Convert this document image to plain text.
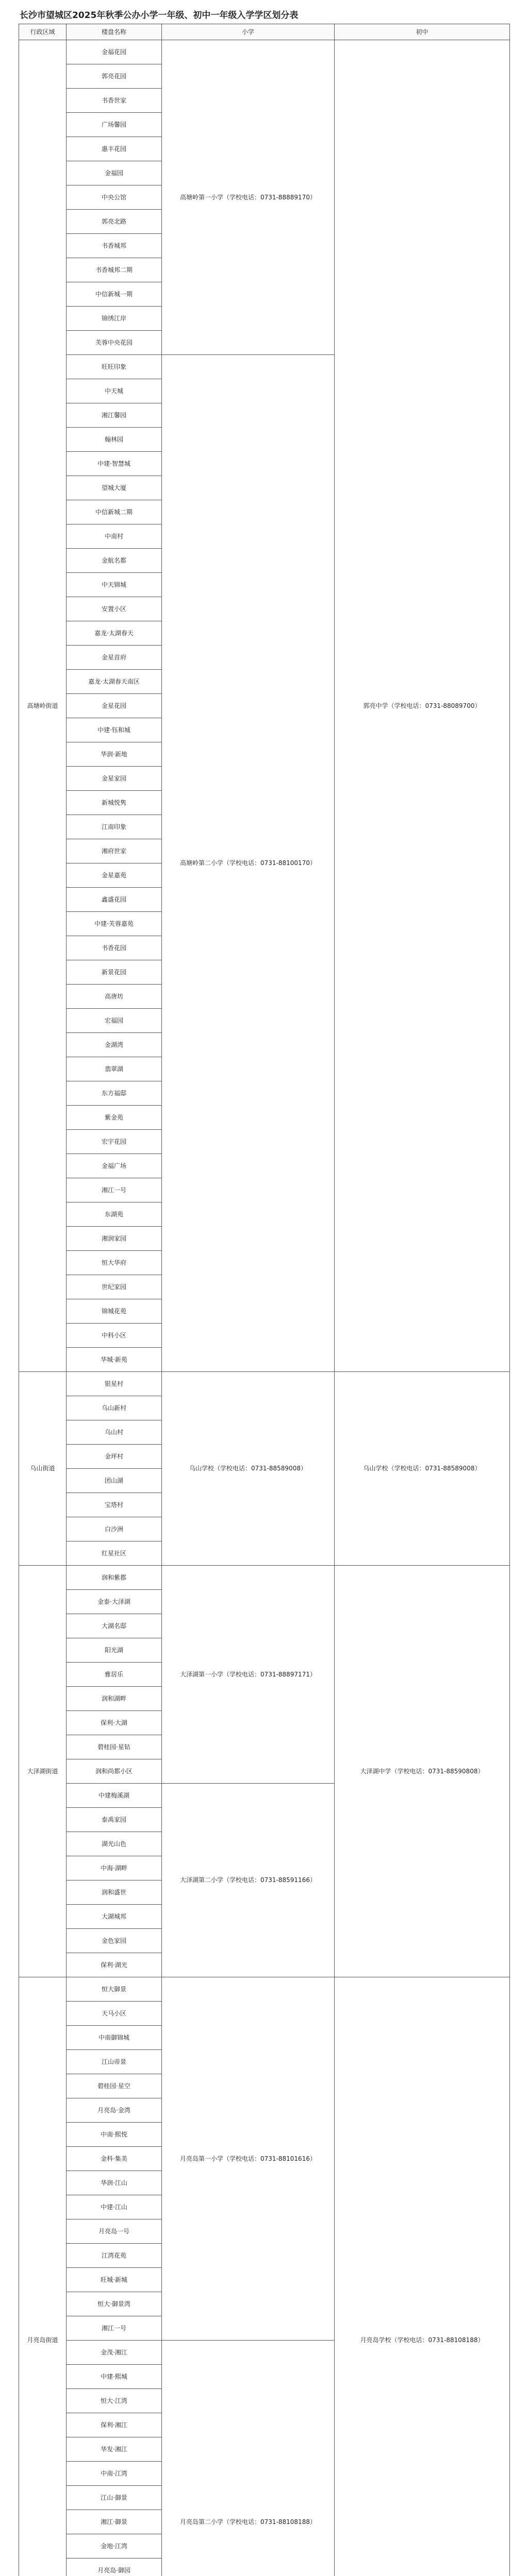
长沙市望城区2025年秋季公办小学一年级、初中一年级入学学区划分表
行政区域	楼盘名称	小学	初中
高塘岭街道	金福花园	高塘岭第一小学（学校电话：0731-88889170）	郭亮中学（学校电话：0731-88089700）
	郭亮花园		
	书香世家		
	广场馨园		
	惠丰花园		
	金福园		
	中央公馆		
	郭亮北路		
	书香城邦		
	书香城邦二期		
	中信新城一期		
	锦绣江岸		
	芙蓉中央花园		
	旺旺印象	高塘岭第二小学（学校电话：0731-88100170）	
	中天城		
	湘江馨园		
	翰林园		
	中建·智慧城		
	望城大厦		
	中信新城二期		
	中南村		
	金航名都		
	中天锦城		
	安置小区		
	嘉龙·太湖春天		
	金星首府		
	嘉龙·太湖春天南区		
	金星花园		
	中建·钰和城		
	华润·新地		
	金星家园		
	新城悦隽		
	江南印象		
	湘府世家		
	金星嘉苑		
	鑫盛花园		
	中建·芙蓉嘉苑		
	书香花园		
	新景花园		
	高唐坊		
	宏福园		
	金湖湾		
	翡翠湖		
	东方福邸		
	紫金苑		
	宏宇花园		
	金福广场		
	湘江一号		
	东湖苑		
	湘润家园		
	恒大华府		
	世纪家园		
	锦城花苑		
	中科小区		
	华城·新苑		
乌山街道	银星村	乌山学校（学校电话：0731-88589008）	乌山学校（学校电话：0731-88589008）
	乌山新村		
	乌山村		
	金坪村		
	团山湖		
	宝塔村		
	白沙洲		
	红星社区		
大泽湖街道	润和紫郡	大泽湖第一小学（学校电话：0731-88897171）	大泽湖中学（学校电话：0731-88590808）
	金泰·大泽湖		
	大湖名邸		
	阳光湖		
	雅居乐		
	润和湖畔		
	保利·大湖		
	碧桂园·星钻		
	润和尚都小区		
	中建梅溪湖	大泽湖第二小学（学校电话：0731-88591166）	
	泰禹家园		
	湖光山色		
	中海·湖畔		
	润和盛世		
	大湖城邦		
	金色家园		
	保利·湖光		
月亮岛街道	恒大御景	月亮岛第一小学（学校电话：0731-88101616）	月亮岛学校（学校电话：0731-88108188）
	天马小区		
	中南御锦城		
	江山帝景		
	碧桂园·星空		
	月亮岛·金湾		
	中南·熙悦		
	金科·集美		
	华润·江山		
	中建·江山		
	月亮岛一号		
	江湾花苑		
	旺城·新城		
	恒大·御景湾		
	湘江一号		
	金茂·湘江	月亮岛第二小学（学校电话：0731-88108188）	
	中建·熙城		
	恒大·江湾		
	保利·湘江		
	华发·湘江		
	中南·江湾		
	江山·御景		
	湘江·御景		
	金地·江湾		
	月亮岛·御园		
